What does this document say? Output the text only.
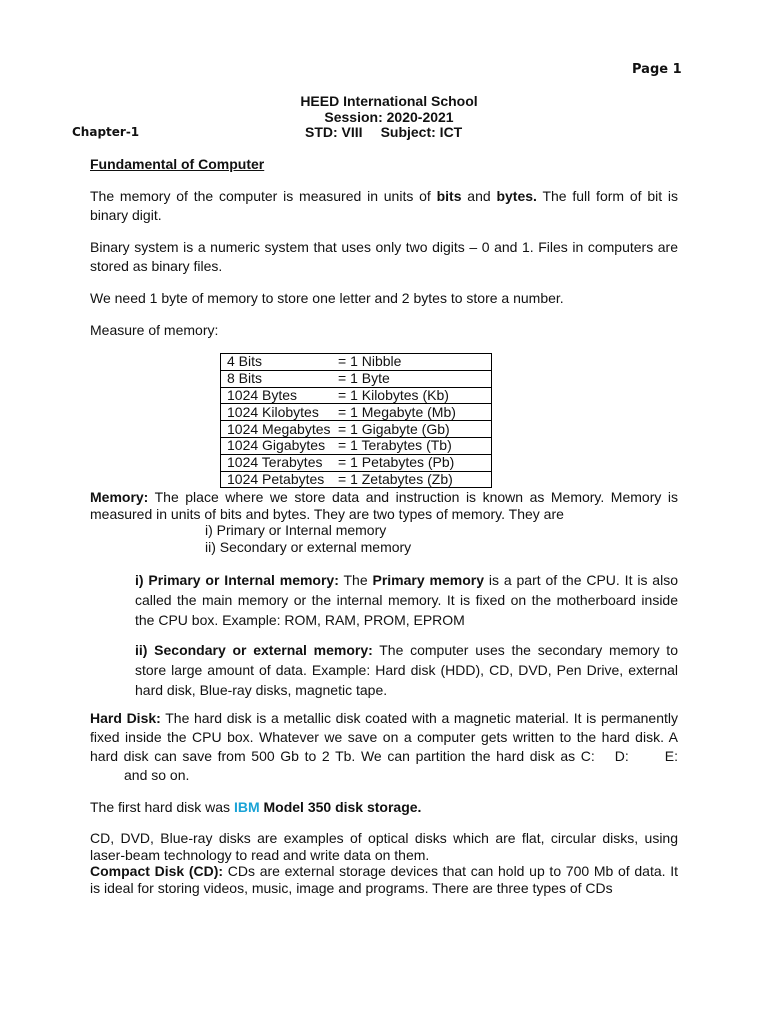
Page 1
HEED International School
Session: 2020-2021
Chapter-1	STD: VIII Subject: ICT
Fundamental of Computer
The memory of the computer is measured in units of bits and bytes. The full form of bit is binary digit.
Binary system is a numeric system that uses only two digits – 0 and 1. Files in computers are stored as binary files.
We need 1 byte of memory to store one letter and 2 bytes to store a number.
Measure of memory:
4 Bits	= 1 Nibble
8 Bits	= 1 Byte
1024 Bytes	= 1 Kilobytes (Kb)
1024 Kilobytes	= 1 Megabyte (Mb)
1024 Megabytes	= 1 Gigabyte (Gb)
1024 Gigabytes	= 1 Terabytes (Tb)
1024 Terabytes	= 1 Petabytes (Pb)
1024 Petabytes	= 1 Zetabytes (Zb)
Memory: The place where we store data and instruction is known as Memory. Memory is measured in units of bits and bytes. They are two types of memory. They are
i) Primary or Internal memory
ii) Secondary or external memory
i) Primary or Internal memory: The Primary memory is a part of the CPU. It is also called the main memory or the internal memory. It is fixed on the motherboard inside the CPU box. Example: ROM, RAM, PROM, EPROM
ii) Secondary or external memory: The computer uses the secondary memory to store large amount of data. Example: Hard disk (HDD), CD, DVD, Pen Drive, external hard disk, Blue-ray disks, magnetic tape.
Hard Disk: The hard disk is a metallic disk coated with a magnetic material. It is permanently fixed inside the CPU box. Whatever we save on a computer gets written to the hard disk. A hard disk can save from 500 Gb to 2 Tb. We can partition the hard disk as C: D:	E:and so on.
The first hard disk was IBM Model 350 disk storage.
CD, DVD, Blue-ray disks are examples of optical disks which are flat, circular disks, using laser-beam technology to read and write data on them.
Compact Disk (CD): CDs are external storage devices that can hold up to 700 Mb of data. It is ideal for storing videos, music, image and programs. There are three types of CDs
